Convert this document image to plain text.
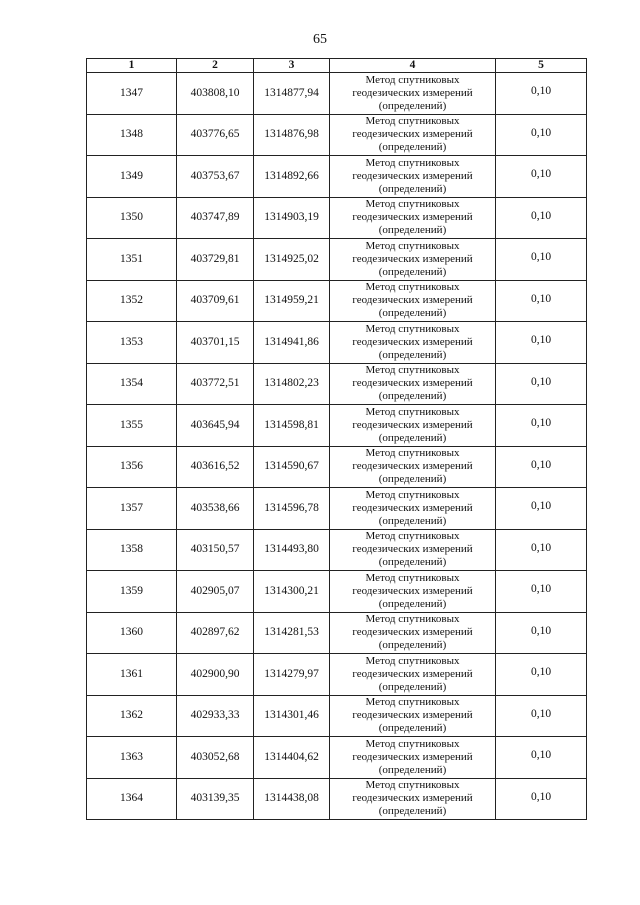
65
1	2	3	4	5
1347	403808,10	1314877,94	Метод спутниковых
геодезических измерений
(определений)	0,10
1348	403776,65	1314876,98	Метод спутниковых
геодезических измерений
(определений)	0,10
1349	403753,67	1314892,66	Метод спутниковых
геодезических измерений
(определений)	0,10
1350	403747,89	1314903,19	Метод спутниковых
геодезических измерений
(определений)	0,10
1351	403729,81	1314925,02	Метод спутниковых
геодезических измерений
(определений)	0,10
1352	403709,61	1314959,21	Метод спутниковых
геодезических измерений
(определений)	0,10
1353	403701,15	1314941,86	Метод спутниковых
геодезических измерений
(определений)	0,10
1354	403772,51	1314802,23	Метод спутниковых
геодезических измерений
(определений)	0,10
1355	403645,94	1314598,81	Метод спутниковых
геодезических измерений
(определений)	0,10
1356	403616,52	1314590,67	Метод спутниковых
геодезических измерений
(определений)	0,10
1357	403538,66	1314596,78	Метод спутниковых
геодезических измерений
(определений)	0,10
1358	403150,57	1314493,80	Метод спутниковых
геодезических измерений
(определений)	0,10
1359	402905,07	1314300,21	Метод спутниковых
геодезических измерений
(определений)	0,10
1360	402897,62	1314281,53	Метод спутниковых
геодезических измерений
(определений)	0,10
1361	402900,90	1314279,97	Метод спутниковых
геодезических измерений
(определений)	0,10
1362	402933,33	1314301,46	Метод спутниковых
геодезических измерений
(определений)	0,10
1363	403052,68	1314404,62	Метод спутниковых
геодезических измерений
(определений)	0,10
1364	403139,35	1314438,08	Метод спутниковых
геодезических измерений
(определений)	0,10
